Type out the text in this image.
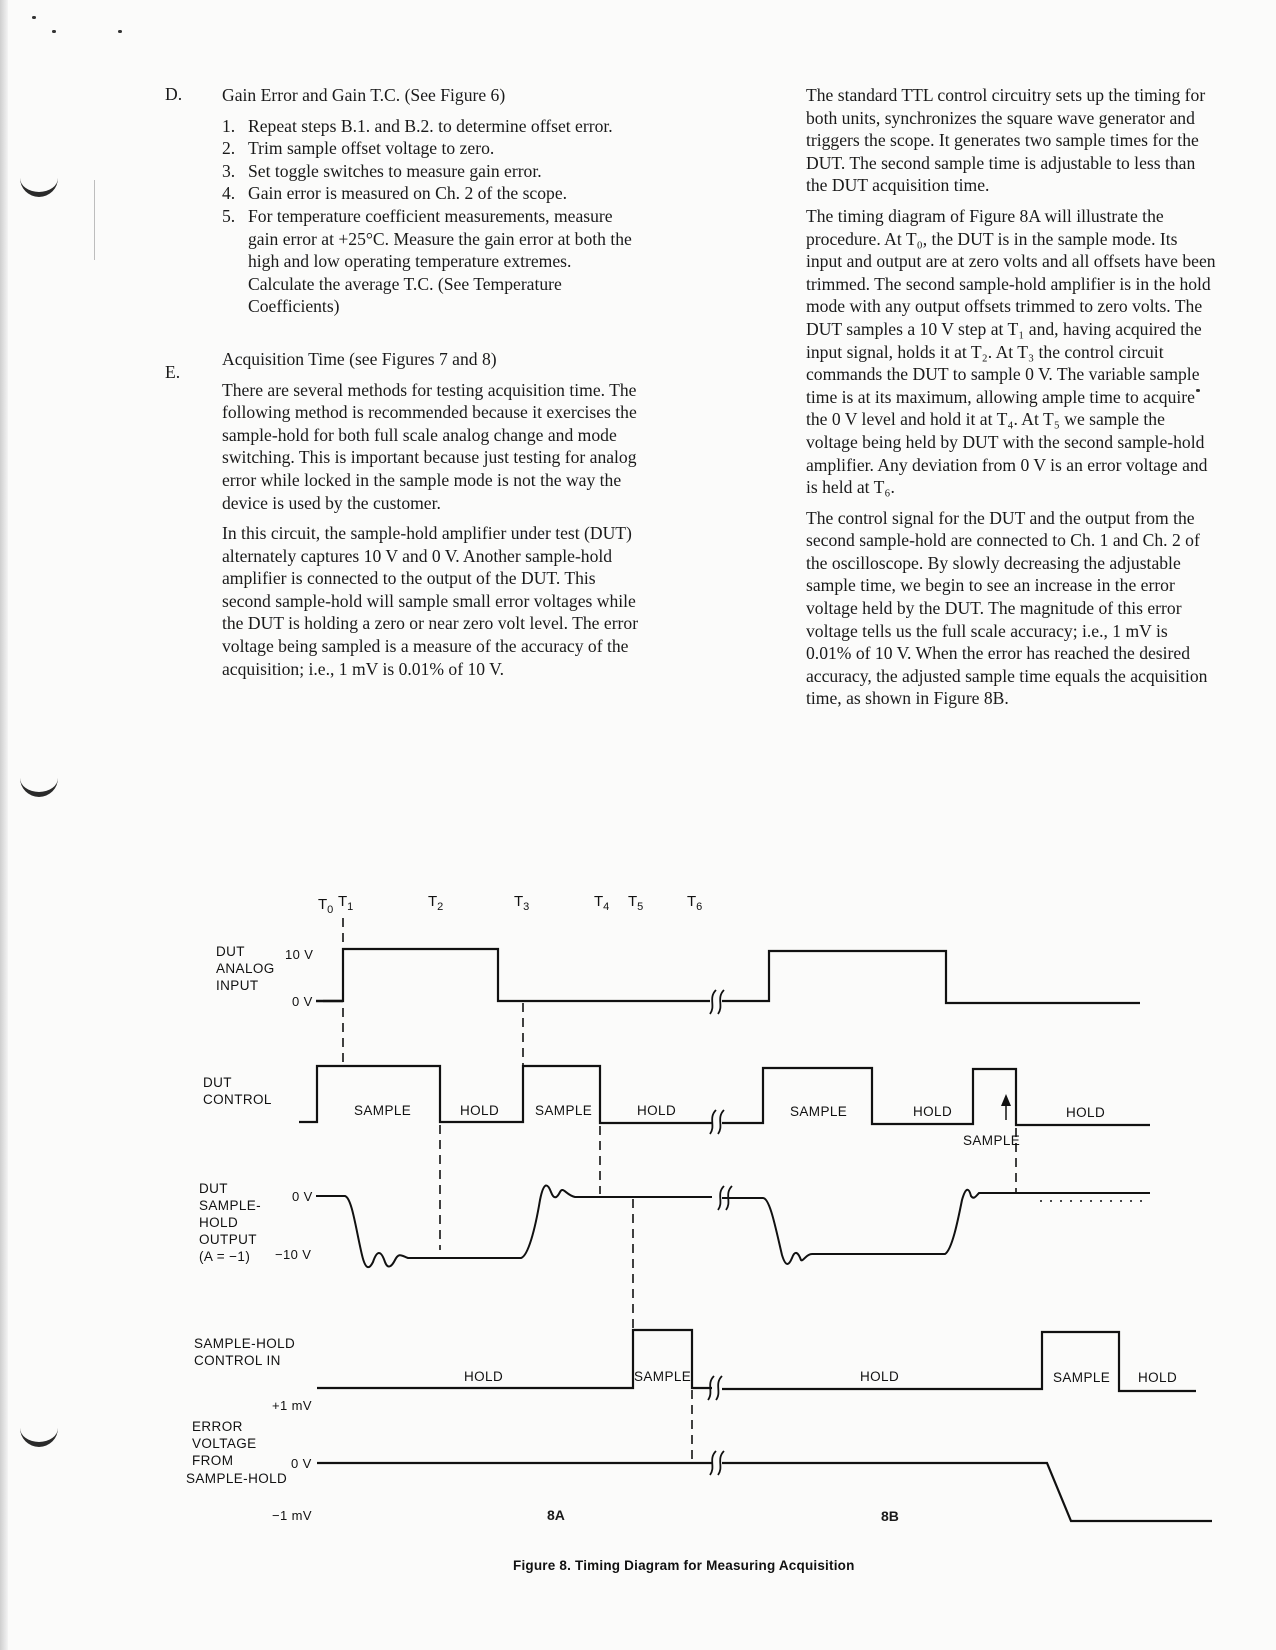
D.
E.
Gain Error and Gain T.C. (See Figure 6)
1. Repeat steps B.1. and B.2. to determine offset error.
2. Trim sample offset voltage to zero.
3. Set toggle switches to measure gain error.
4. Gain error is measured on Ch. 2 of the scope.
5. For temperature coefficient measurements, measure gain error at +25°C. Measure the gain error at both the high and low operating temperature extremes. Calculate the average T.C. (See Temperature Coefficients)
Acquisition Time (see Figures 7 and 8)

There are several methods for testing acquisition time. The following method is recommended because it exercises the sample-hold for both full scale analog change and mode switching. This is important because just testing for analog error while locked in the sample mode is not the way the device is used by the customer.

In this circuit, the sample-hold amplifier under test (DUT) alternately captures 10 V and 0 V. Another sample-hold amplifier is connected to the output of the DUT. This second sample-hold will sample small error voltages while the DUT is holding a zero or near zero volt level. The error voltage being sampled is a measure of the accuracy of the acquisition; i.e., 1 mV is 0.01% of 10 V.

The standard TTL control circuitry sets up the timing for both units, synchronizes the square wave generator and triggers the scope. It generates two sample times for the DUT. The second sample time is adjustable to less than the DUT acquisition time.

The timing diagram of Figure 8A will illustrate the procedure. At T₀, the DUT is in the sample mode. Its input and output are at zero volts and all offsets have been trimmed. The second sample-hold amplifier is in the hold mode with any output offsets trimmed to zero volts. The DUT samples a 10 V step at T₁ and, having acquired the input signal, holds it at T₂. At T₃ the control circuit commands the DUT to sample 0 V. The variable sample time is at its maximum, allowing ample time to acquire the 0 V level and hold it at T₄. At T₅ we sample the voltage being held by DUT with the second sample-hold amplifier. Any deviation from 0 V is an error voltage and is held at T₆.

The control signal for the DUT and the output from the second sample-hold are connected to Ch. 1 and Ch. 2 of the oscilloscope. By slowly decreasing the adjustable sample time, we begin to see an increase in the error voltage held by the DUT. The magnitude of this error voltage tells us the full scale accuracy; i.e., 1 mV is 0.01% of 10 V. When the error has reached the desired accuracy, the adjusted sample time equals the acquisition time, as shown in Figure 8B.

$T_0$ $T_1$	$T_2$	$T_3$	$T_4$ $T_5$	$T_6$
DUT
ANALOG
INPUT
10 V
0 V
DUT
CONTROL
SAMPLE	HOLD	SAMPLE	HOLD	SAMPLE	HOLD
SAMPLE
HOLD
DUT
SAMPLE-
HOLD
OUTPUT
(A = −1)
0 V
−10 V
SAMPLE-HOLD
CONTROL IN
HOLD	SAMPLE	HOLD	SAMPLE HOLD
+1 mV
ERROR
VOLTAGE
FROM
SAMPLE-HOLD
0 V
−1 mV	8A	8B
Figure 8. Timing Diagram for Measuring Acquisition
